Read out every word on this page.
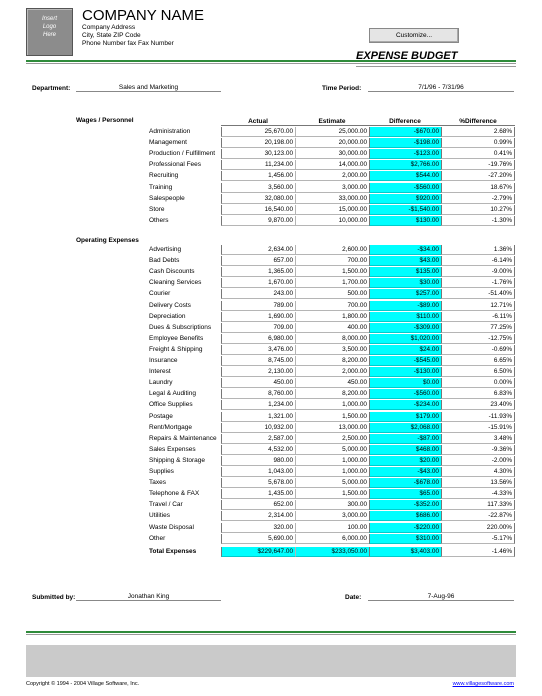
Insert
Logo
Here
COMPANY NAME
Company Address
City, State ZIP Code
Phone Number fax Fax Number
Customize...
EXPENSE BUDGET
Department:	Sales and Marketing	Time Period:	7/1/96 - 7/31/96
Wages / Personnel	Actual	Estimate	Difference	%Difference
Administration	25,670.00	25,000.00	-$670.00	2.68%
Management	20,198.00	20,000.00	-$198.00	0.99%
Production / Fulfillment	30,123.00	30,000.00	-$123.00	0.41%
Professional Fees	11,234.00	14,000.00	$2,766.00	-19.76%
Recruiting	1,456.00	2,000.00	$544.00	-27.20%
Training	3,560.00	3,000.00	-$560.00	18.67%
Salespeople	32,080.00	33,000.00	$920.00	-2.79%
Store	16,540.00	15,000.00	-$1,540.00	10.27%
Others	9,870.00	10,000.00	$130.00	-1.30%
Operating Expenses
Advertising	2,634.00	2,600.00	-$34.00	1.36%
Bad Debts	657.00	700.00	$43.00	-6.14%
Cash Discounts	1,365.00	1,500.00	$135.00	-9.00%
Cleaning Services	1,670.00	1,700.00	$30.00	-1.76%
Courier	243.00	500.00	$257.00	-51.40%
Delivery Costs	789.00	700.00	-$89.00	12.71%
Depreciation	1,690.00	1,800.00	$110.00	-6.11%
Dues & Subscriptions	709.00	400.00	-$309.00	77.25%
Employee Benefits	6,980.00	8,000.00	$1,020.00	-12.75%
Freight & Shipping	3,476.00	3,500.00	$24.00	-0.69%
Insurance	8,745.00	8,200.00	-$545.00	6.65%
Interest	2,130.00	2,000.00	-$130.00	6.50%
Laundry	450.00	450.00	$0.00	0.00%
Legal & Auditing	8,760.00	8,200.00	-$560.00	6.83%
Office Supplies	1,234.00	1,000.00	-$234.00	23.40%
Postage	1,321.00	1,500.00	$179.00	-11.93%
Rent/Mortgage	10,932.00	13,000.00	$2,068.00	-15.91%
Repairs & Maintenance	2,587.00	2,500.00	-$87.00	3.48%
Sales Expenses	4,532.00	5,000.00	$468.00	-9.36%
Shipping & Storage	980.00	1,000.00	$20.00	-2.00%
Supplies	1,043.00	1,000.00	-$43.00	4.30%
Taxes	5,678.00	5,000.00	-$678.00	13.56%
Telephone & FAX	1,435.00	1,500.00	$65.00	-4.33%
Travel / Car	652.00	300.00	-$352.00	117.33%
Utilities	2,314.00	3,000.00	$686.00	-22.87%
Waste Disposal	320.00	100.00	-$220.00	220.00%
Other	5,690.00	6,000.00	$310.00	-5.17%
Total Expenses	$229,647.00	$233,050.00	$3,403.00	-1.46%
Submitted by:	Jonathan King	Date:	7-Aug-96
Copyright © 1994 - 2004 Village Software, Inc.	www.villagesoftware.com
